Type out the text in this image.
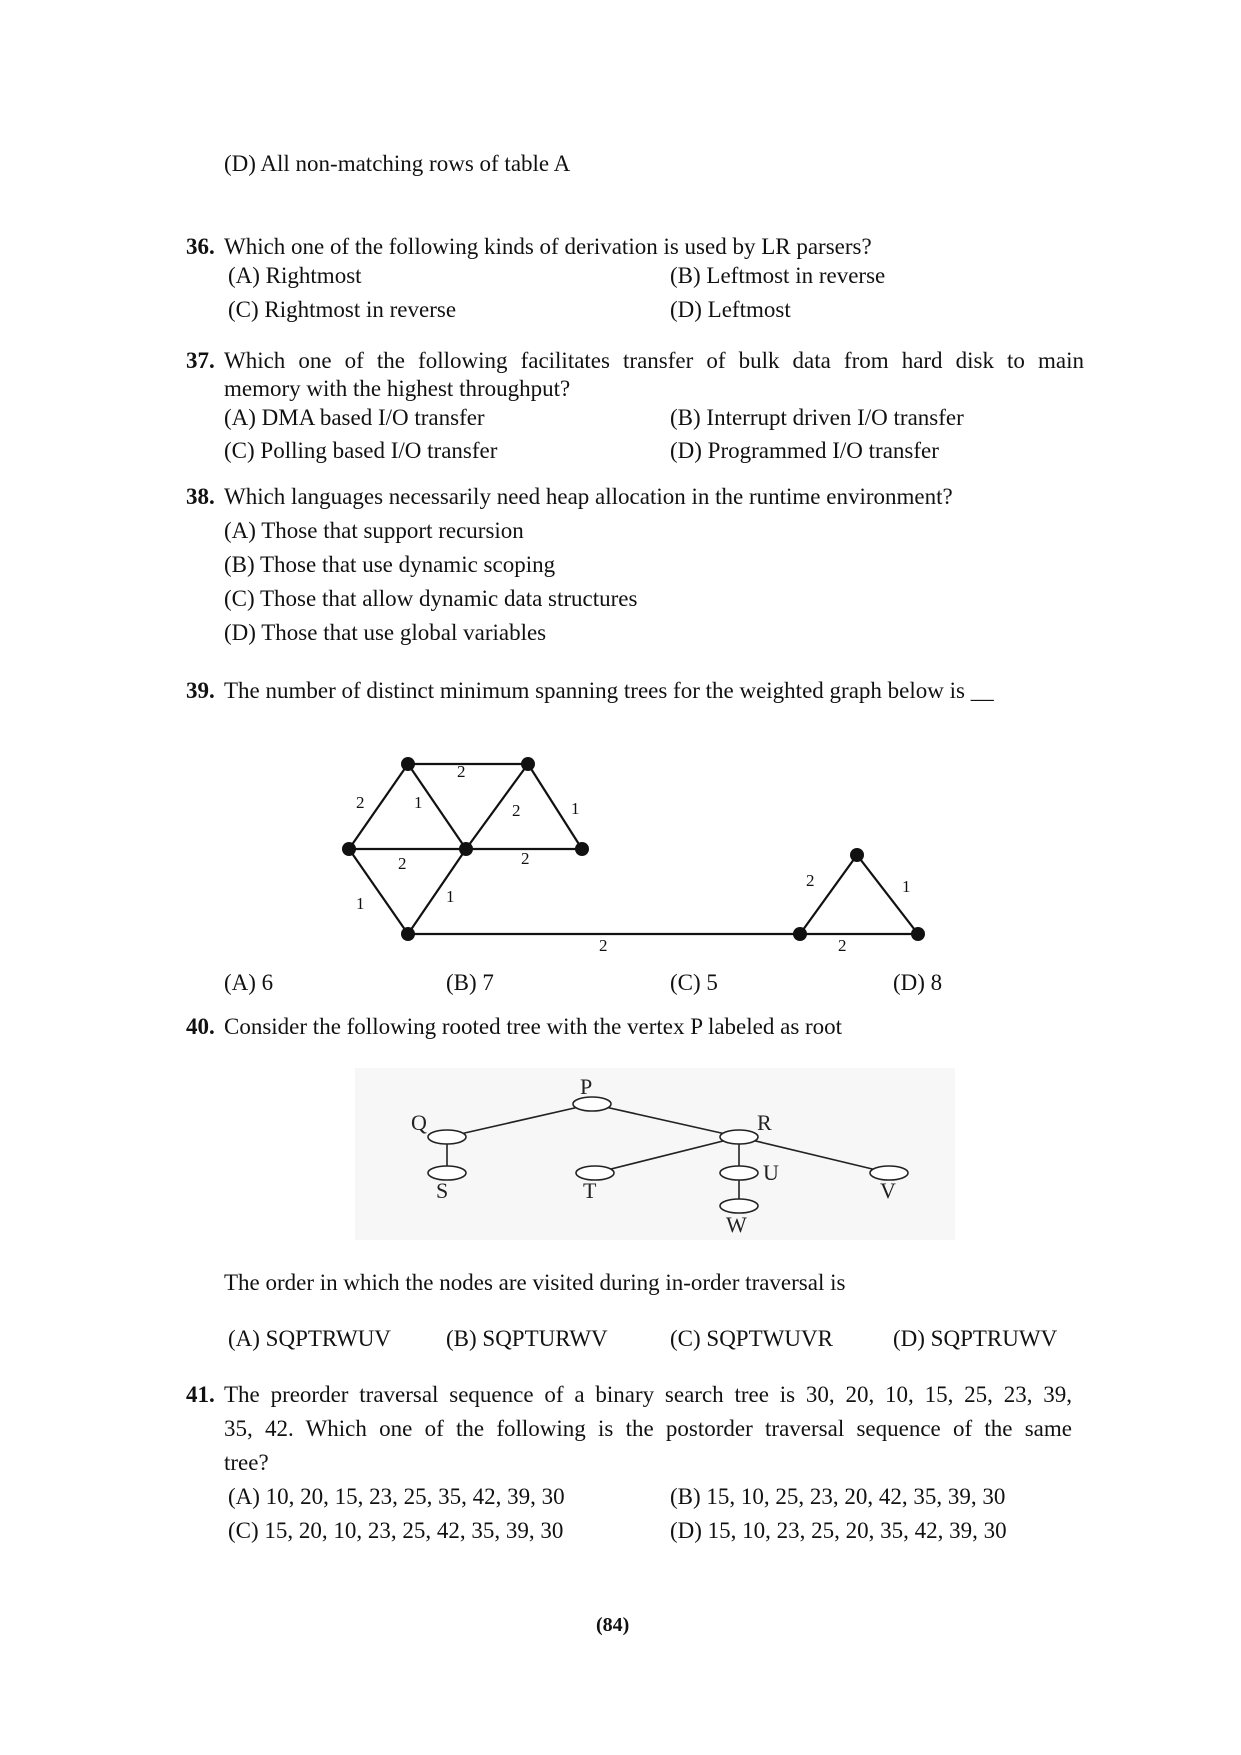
(D) All non-matching rows of table A
36. Which one of the following kinds of derivation is used by LR parsers?
(A) Rightmost	(B) Leftmost in reverse
(C) Rightmost in reverse	(D) Leftmost
37. Which one of the following facilitates transfer of bulk data from hard disk to main
memory with the highest throughput?
(A) DMA based I/O transfer	(B) Interrupt driven I/O transfer
(C) Polling based I/O transfer	(D) Programmed I/O transfer
38. Which languages necessarily need heap allocation in the runtime environment?
(A) Those that support recursion
(B) Those that use dynamic scoping
(C) Those that allow dynamic data structures
(D) Those that use global variables
39. The number of distinct minimum spanning trees for the weighted graph below is __
2
2	1	2	1
2	2
1	1
2
2	1
2
(A) 6	(B) 7	(C) 5	(D) 8
40. Consider the following rooted tree with the vertex P labeled as root
P
Q	R
S	T
U
V
W
The order in which the nodes are visited during in-order traversal is
(A) SQPTRWUV (B) SQPTURWV	(C) SQPTWUVR	(D) SQPTRUWV
41. The preorder traversal sequence of a binary search tree is 30, 20, 10, 15, 25, 23, 39,
35, 42. Which one of the following is the postorder traversal sequence of the same
tree?
(A) 10, 20, 15, 23, 25, 35, 42, 39, 30	(B) 15, 10, 25, 23, 20, 42, 35, 39, 30
(C) 15, 20, 10, 23, 25, 42, 35, 39, 30	(D) 15, 10, 23, 25, 20, 35, 42, 39, 30
(84)
